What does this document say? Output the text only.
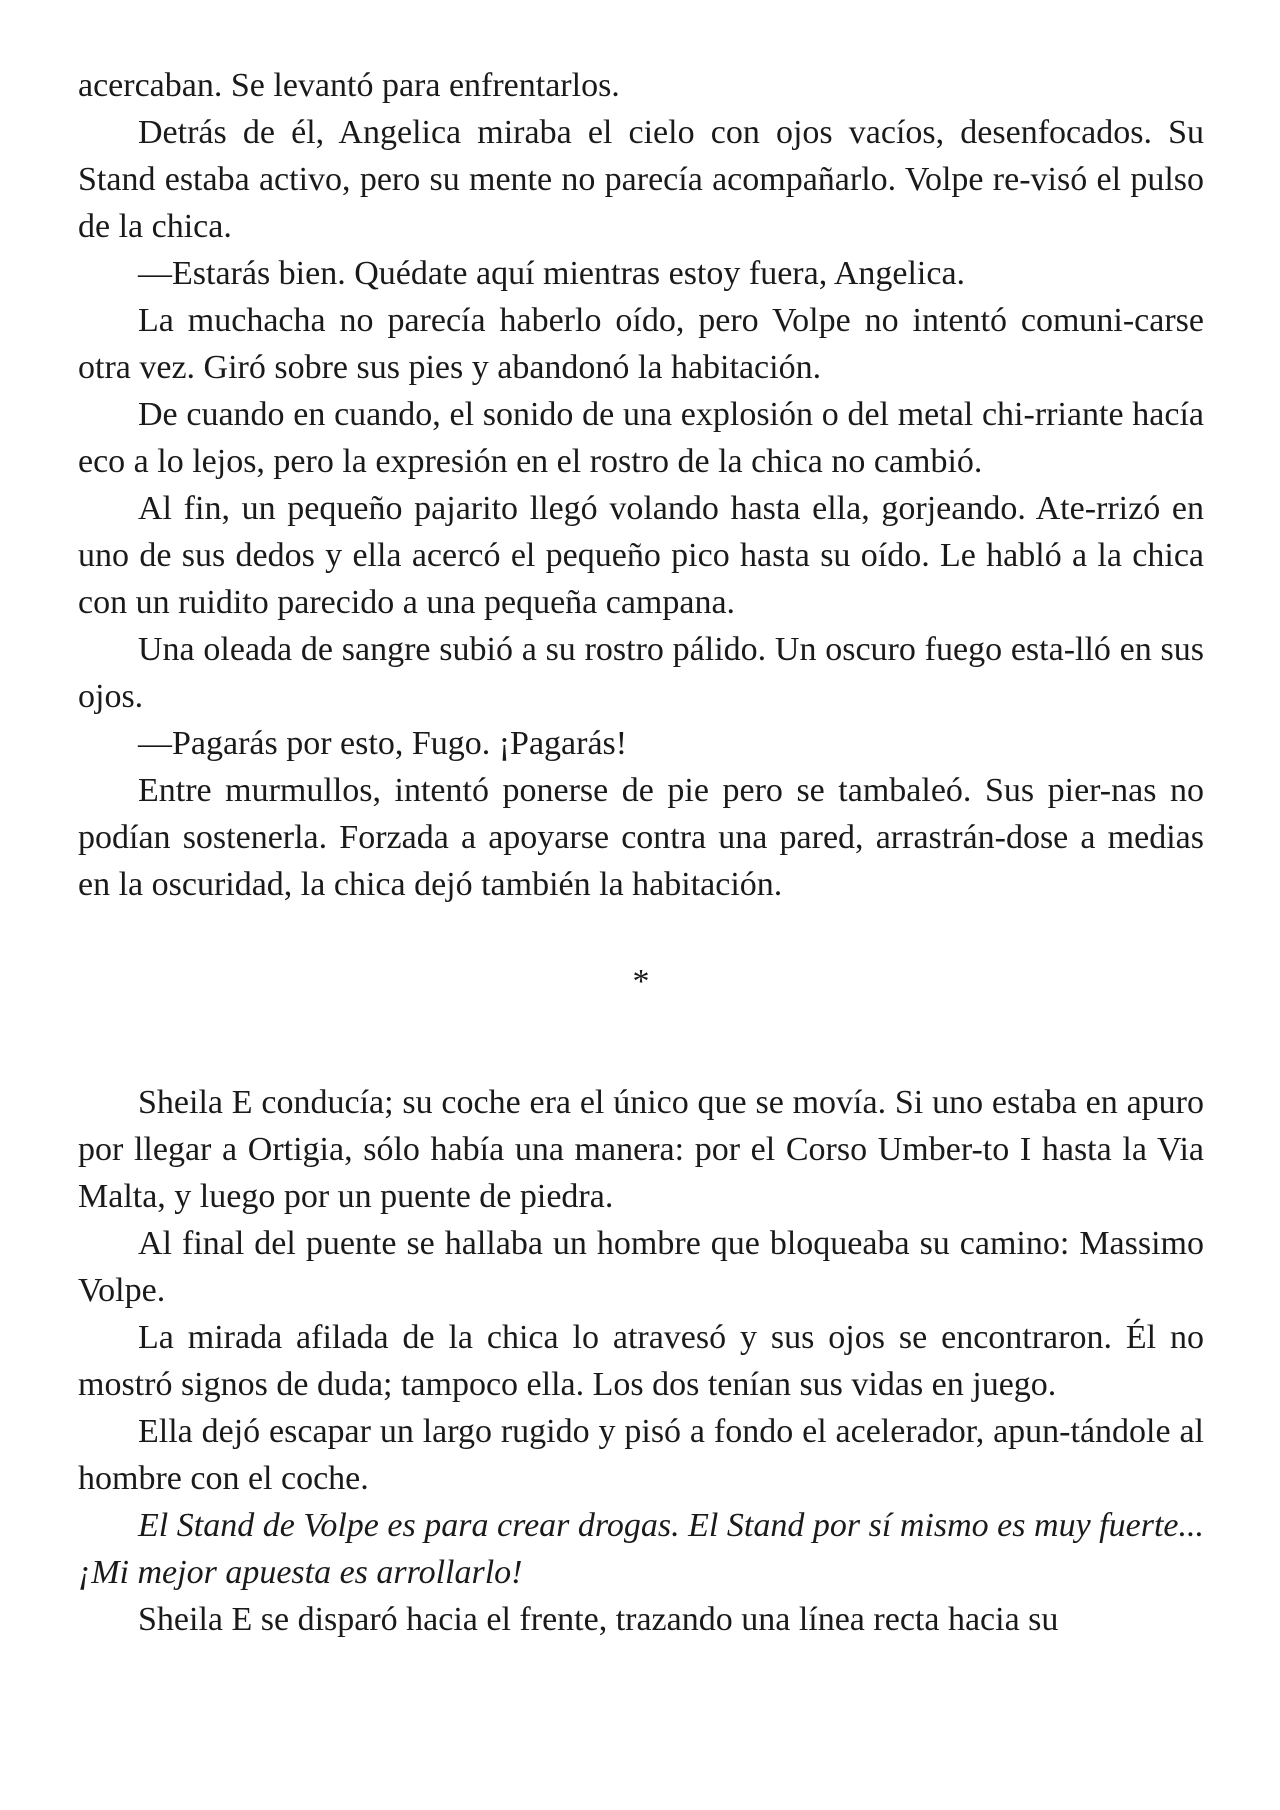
acercaban. Se levantó para enfrentarlos.

Detrás de él, Angelica miraba el cielo con ojos vacíos, desenfocados. Su Stand estaba activo, pero su mente no parecía acompañarlo. Volpe re-​visó el pulso de la chica.

—Estarás bien. Quédate aquí mientras estoy fuera, Angelica.

La muchacha no parecía haberlo oído, pero Volpe no intentó comuni-​carse otra vez. Giró sobre sus pies y abandonó la habitación.

De cuando en cuando, el sonido de una explosión o del metal chi-​rriante hacía eco a lo lejos, pero la expresión en el rostro de la chica no cambió.

Al fin, un pequeño pajarito llegó volando hasta ella, gorjeando. Ate-​rrizó en uno de sus dedos y ella acercó el pequeño pico hasta su oído. Le habló a la chica con un ruidito parecido a una pequeña campana.

Una oleada de sangre subió a su rostro pálido. Un oscuro fuego esta-​lló en sus ojos.

—Pagarás por esto, Fugo. ¡Pagarás!

Entre murmullos, intentó ponerse de pie pero se tambaleó. Sus pier-​nas no podían sostenerla. Forzada a apoyarse contra una pared, arrastrán-​dose a medias en la oscuridad, la chica dejó también la habitación.

*

Sheila E conducía; su coche era el único que se movía. Si uno estaba en apuro por llegar a Ortigia, sólo había una manera: por el Corso Umber-​to I hasta la Via Malta, y luego por un puente de piedra.

Al final del puente se hallaba un hombre que bloqueaba su camino: Massimo Volpe.

La mirada afilada de la chica lo atravesó y sus ojos se encontraron. Él no mostró signos de duda; tampoco ella. Los dos tenían sus vidas en juego.

Ella dejó escapar un largo rugido y pisó a fondo el acelerador, apun-​tándole al hombre con el coche.

El Stand de Volpe es para crear drogas. El Stand por sí mismo es muy fuerte... ¡Mi mejor apuesta es arrollarlo!

Sheila E se disparó hacia el frente, trazando una línea recta hacia su
